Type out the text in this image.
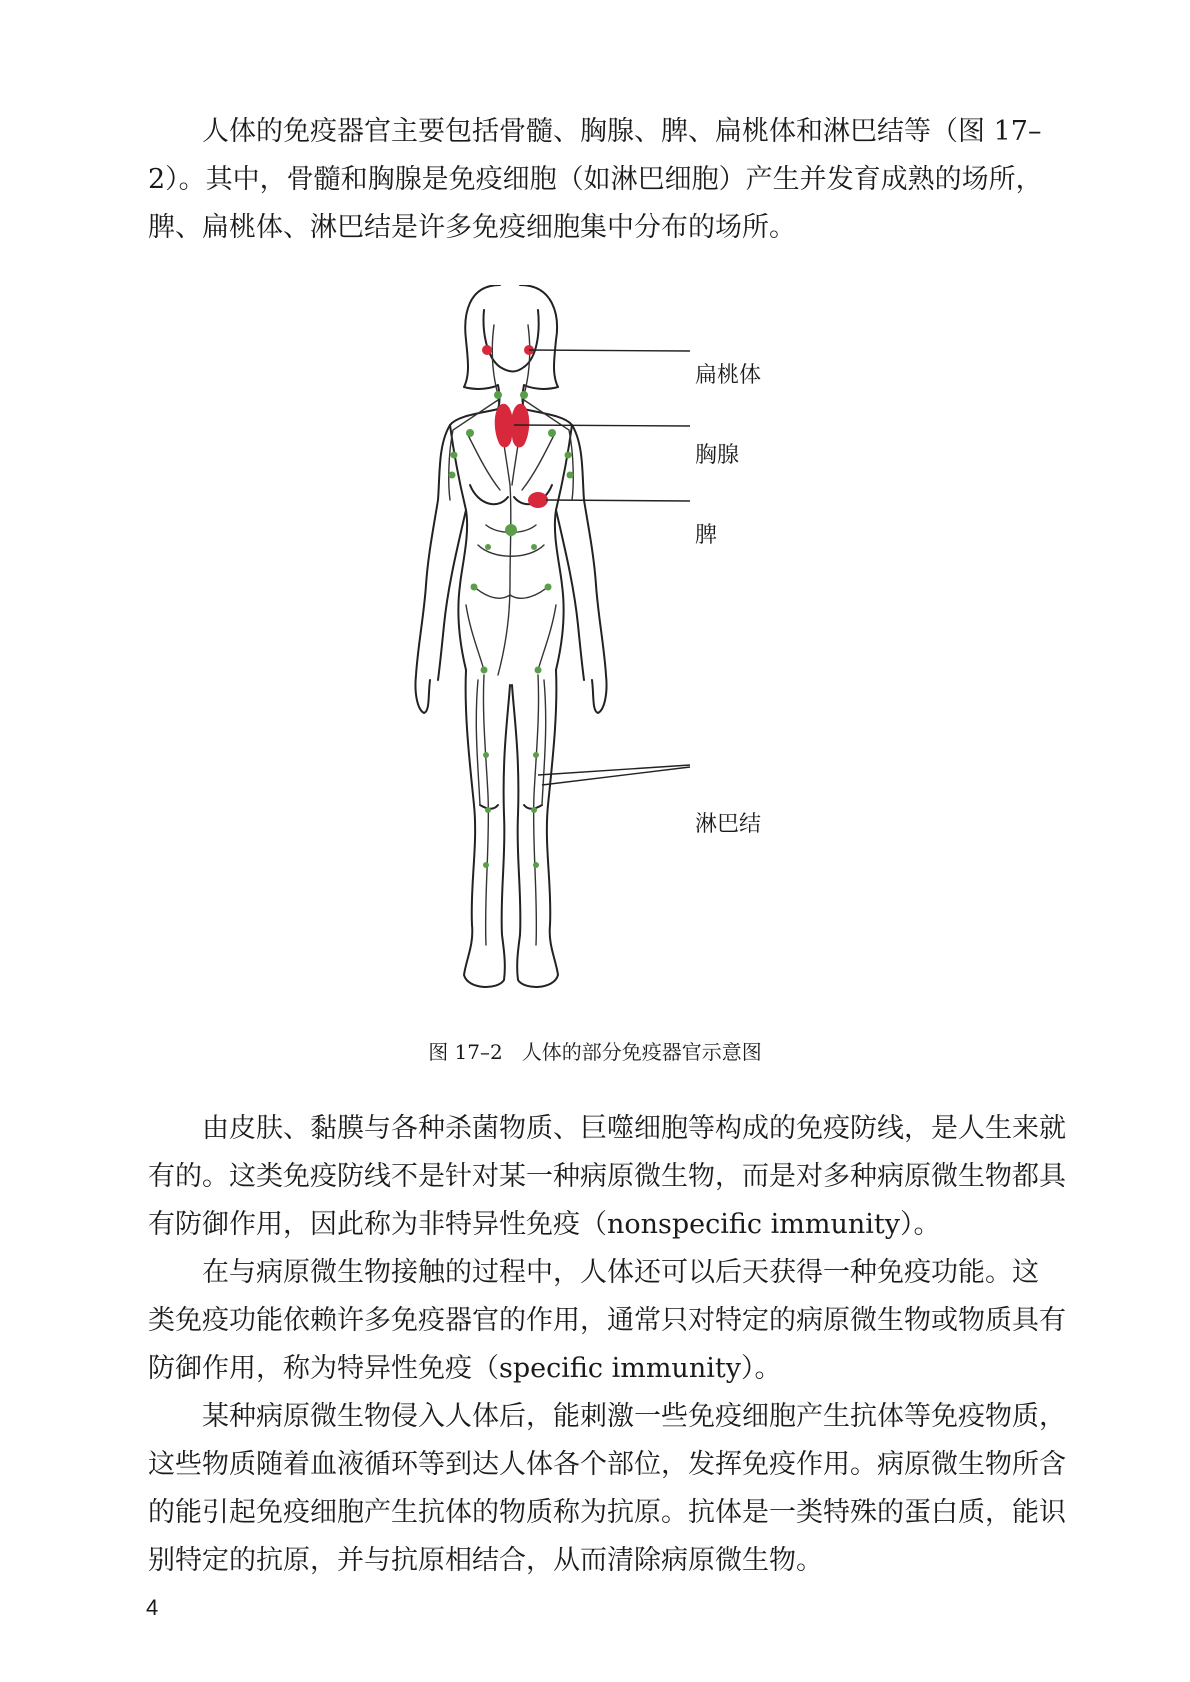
人体的免疫器官主要包括骨髓、胸腺、脾、扁桃体和淋巴结等（图 17–
2）。其中，骨髓和胸腺是免疫细胞（如淋巴细胞）产生并发育成熟的场所，
脾、扁桃体、淋巴结是许多免疫细胞集中分布的场所。
扁桃体
胸腺
脾
淋巴结
图 17–2 人体的部分免疫器官示意图
由皮肤、黏膜与各种杀菌物质、巨噬细胞等构成的免疫防线，是人生来就
有的。这类免疫防线不是针对某一种病原微生物，而是对多种病原微生物都具
有防御作用，因此称为非特异性免疫（nonspecific immunity）。
在与病原微生物接触的过程中，人体还可以后天获得一种免疫功能。这
类免疫功能依赖许多免疫器官的作用，通常只对特定的病原微生物或物质具有
防御作用，称为特异性免疫（specific immunity）。
某种病原微生物侵入人体后，能刺激一些免疫细胞产生抗体等免疫物质，
这些物质随着血液循环等到达人体各个部位，发挥免疫作用。病原微生物所含
的能引起免疫细胞产生抗体的物质称为抗原。抗体是一类特殊的蛋白质，能识
别特定的抗原，并与抗原相结合，从而清除病原微生物。
4
